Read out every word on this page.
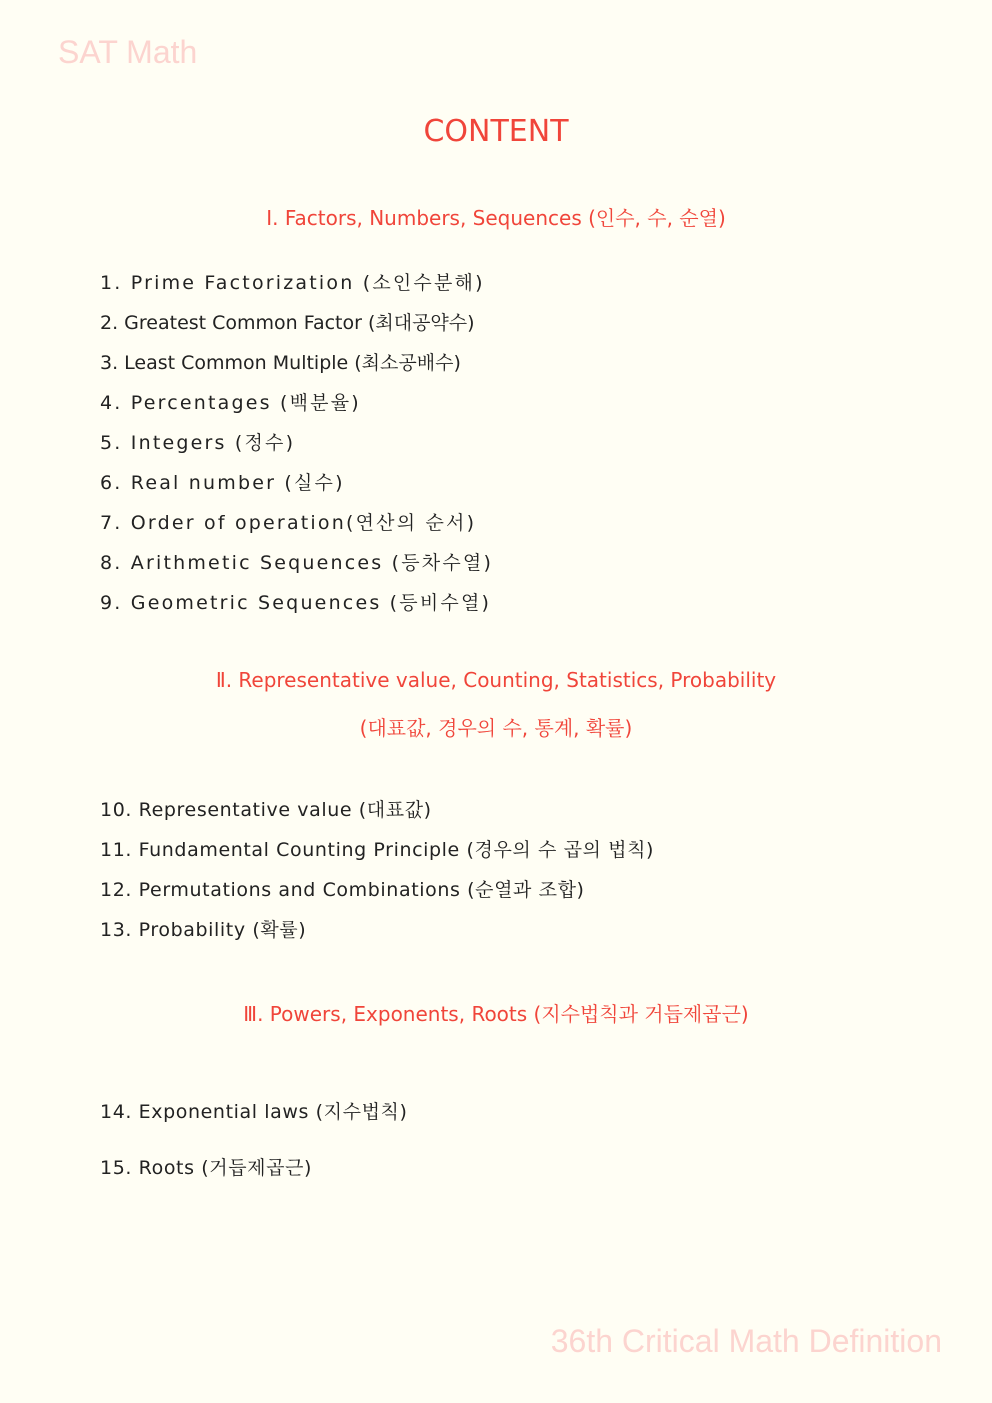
SAT Math
CONTENT
I. Factors, Numbers, Sequences (인수, 수, 순열)
1. Prime Factorization (소인수분해)
2. Greatest Common Factor (최대공약수)
3. Least Common Multiple (최소공배수)
4. Percentages (백분율)
5. Integers (정수)
6. Real number (실수)
7. Order of operation(연산의 순서)
8. Arithmetic Sequences (등차수열)
9. Geometric Sequences (등비수열)
Ⅱ. Representative value, Counting, Statistics, Probability
(대표값, 경우의 수, 통계, 확률)
10. Representative value (대표값)
11. Fundamental Counting Principle (경우의 수 곱의 법칙)
12. Permutations and Combinations (순열과 조합)
13. Probability (확률)
Ⅲ. Powers, Exponents, Roots (지수법칙과 거듭제곱근)
14. Exponential laws (지수법칙)
15. Roots (거듭제곱근)
36th Critical Math Definition
